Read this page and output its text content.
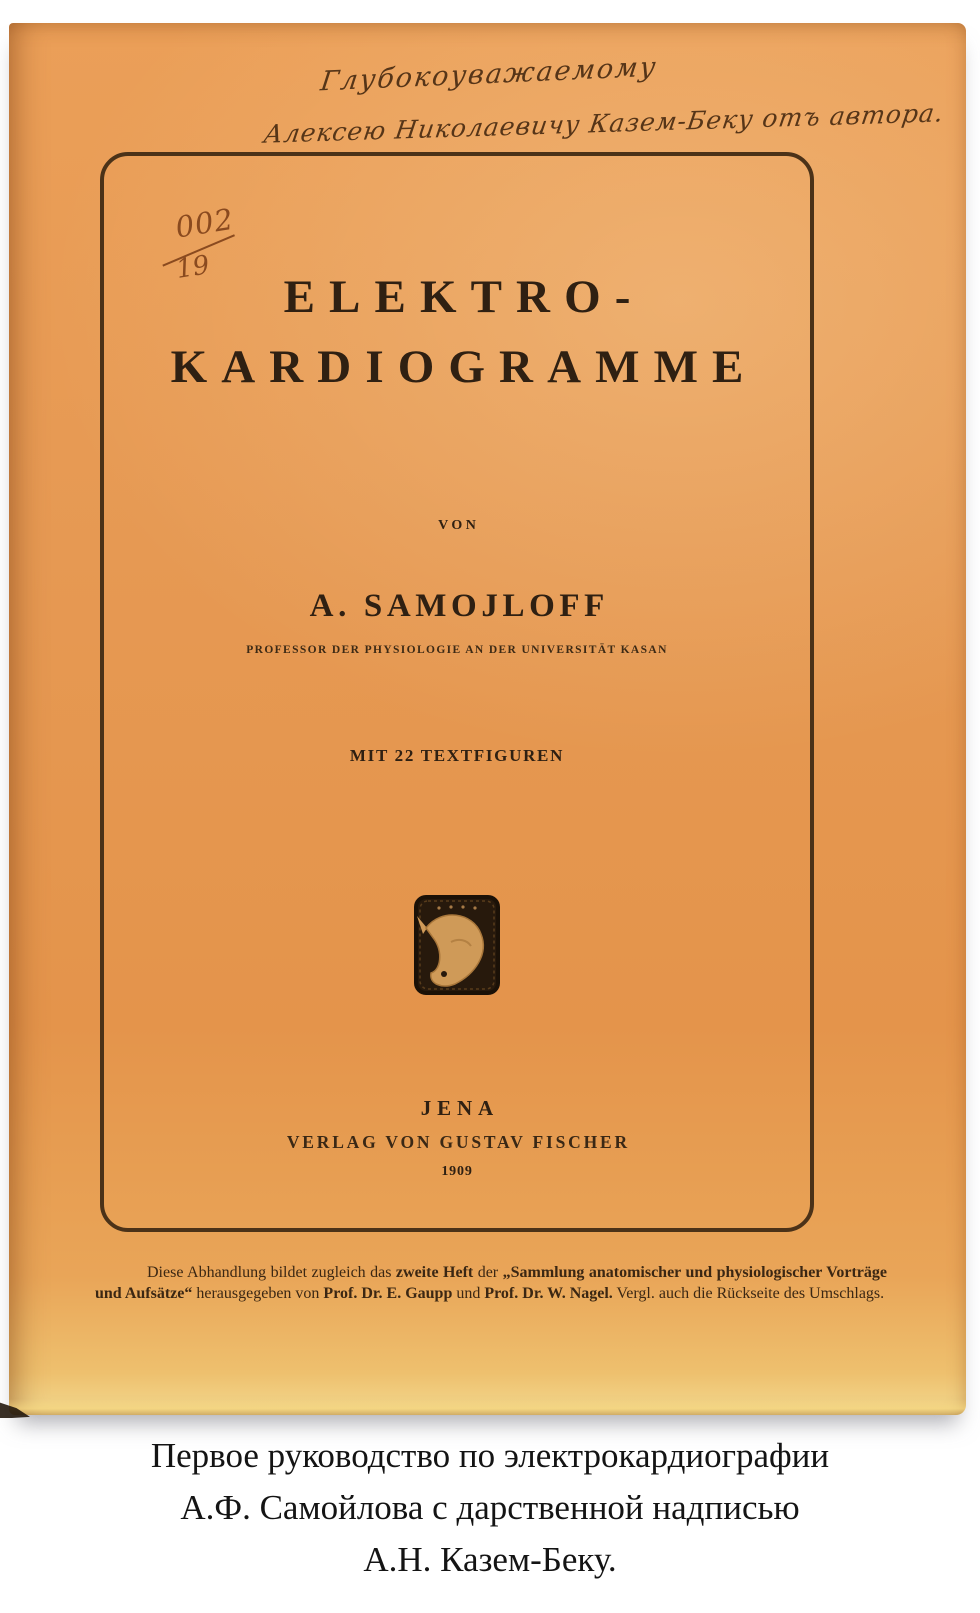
Глубокоуважаемому
Алексею Николаевичу Казем-Беку отъ автора.
002
19
ELEKTRO-
KARDIOGRAMME
VON
A. SAMOJLOFF
PROFESSOR DER PHYSIOLOGIE AN DER UNIVERSITÄT KASAN
MIT 22 TEXTFIGUREN
JENA
VERLAG VON GUSTAV FISCHER
1909
Diese Abhandlung bildet zugleich das zweite Heft der „Sammlung anatomischer und physiologischer Vorträge und Aufsätze“ herausgegeben von Prof. Dr. E. Gaupp und Prof. Dr. W. Nagel. Vergl. auch die Rückseite des Umschlags.
Первое руководство по электрокардиографии
А.Ф. Самойлова с дарственной надписью
А.Н. Казем-Беку.
